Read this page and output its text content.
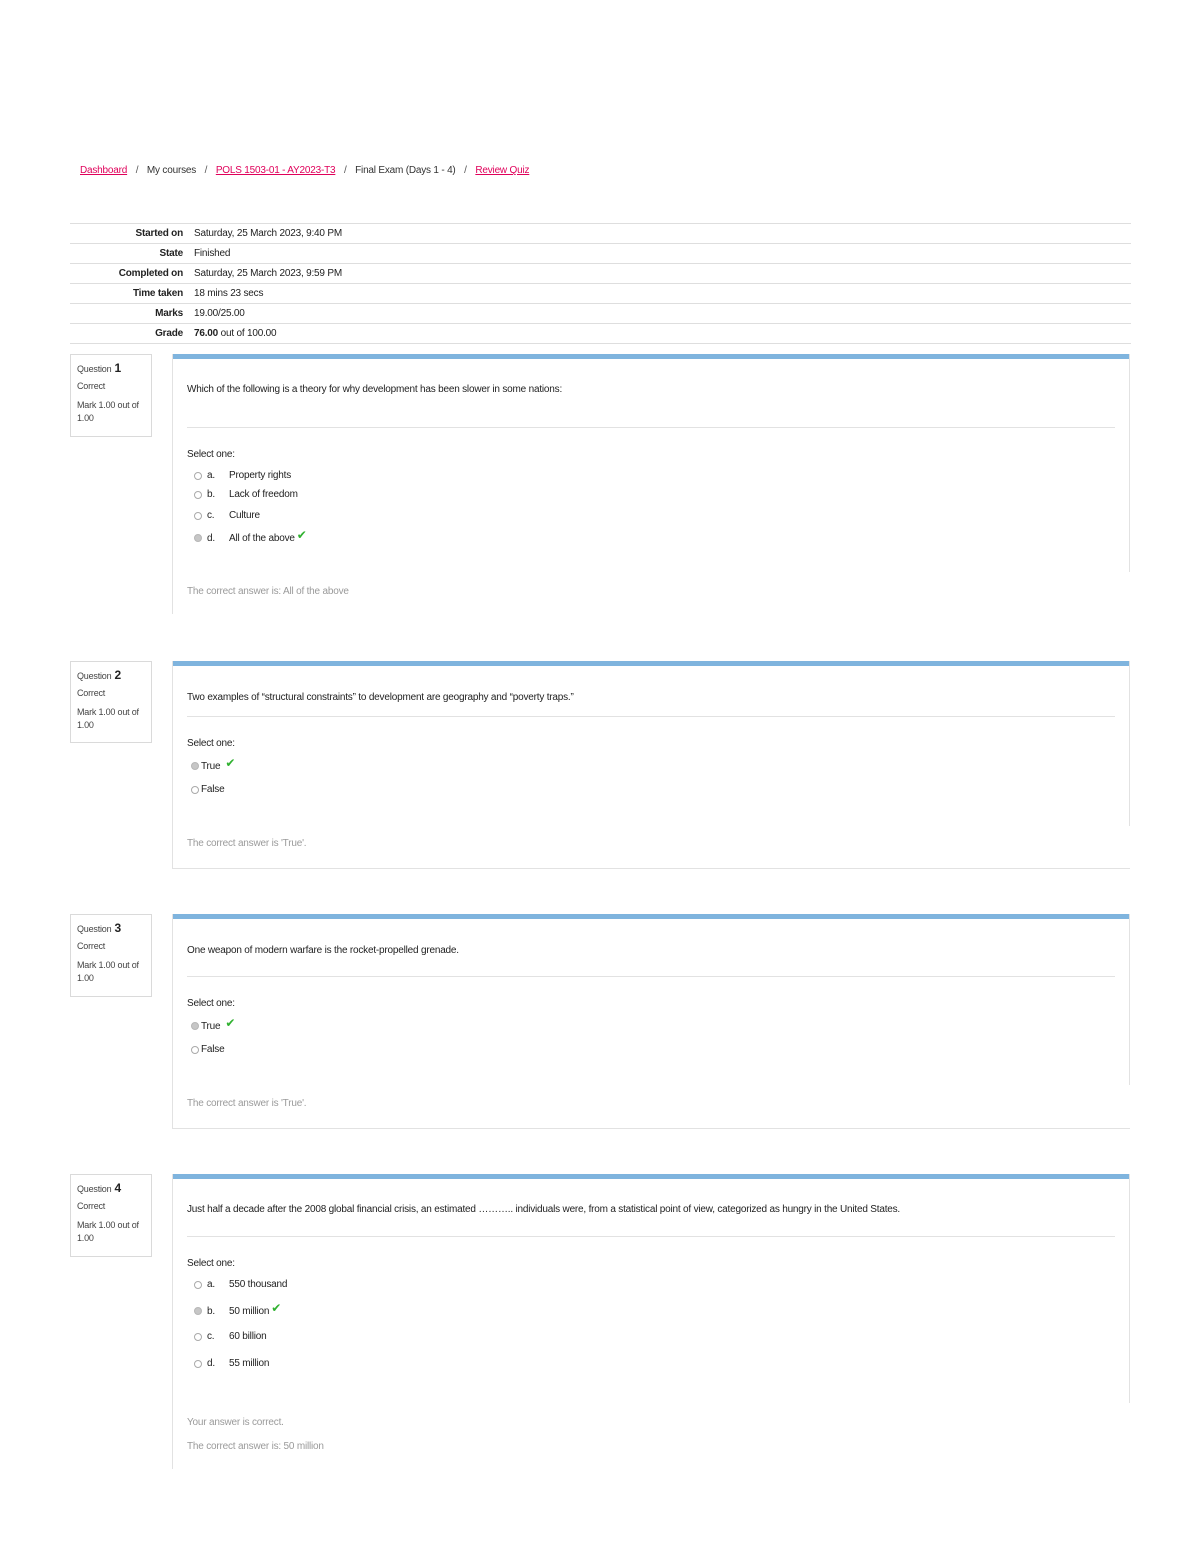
Dashboard / My courses / POLS 1503-01 - AY2023-T3 / Final Exam (Days 1 - 4) / Review Quiz
Started on	Saturday, 25 March 2023, 9:40 PM
State	Finished
Completed on	Saturday, 25 March 2023, 9:59 PM
Time taken	18 mins 23 secs
Marks	19.00/25.00
Grade	76.00 out of 100.00
Question 1
Correct
Mark 1.00 out of 1.00
Which of the following is a theory for why development has been slower in some nations:
Select one:
a.	Property rights
b.	Lack of freedom
c.	Culture
d.	All of the above ✔
The correct answer is: All of the above
Question 2
Correct
Mark 1.00 out of 1.00
Two examples of “structural constraints” to development are geography and “poverty traps.”
Select one:
True ✔
False
The correct answer is 'True'.
Question 3
Correct
Mark 1.00 out of 1.00
One weapon of modern warfare is the rocket-propelled grenade.
Select one:
True ✔
False
The correct answer is 'True'.
Question 4
Correct
Mark 1.00 out of 1.00
Just half a decade after the 2008 global financial crisis, an estimated ……….. individuals were, from a statistical point of view, categorized as hungry in the United States.
Select one:
a.	550 thousand
b.	50 million ✔
c.	60 billion
d.	55 million
Your answer is correct.
The correct answer is: 50 million
